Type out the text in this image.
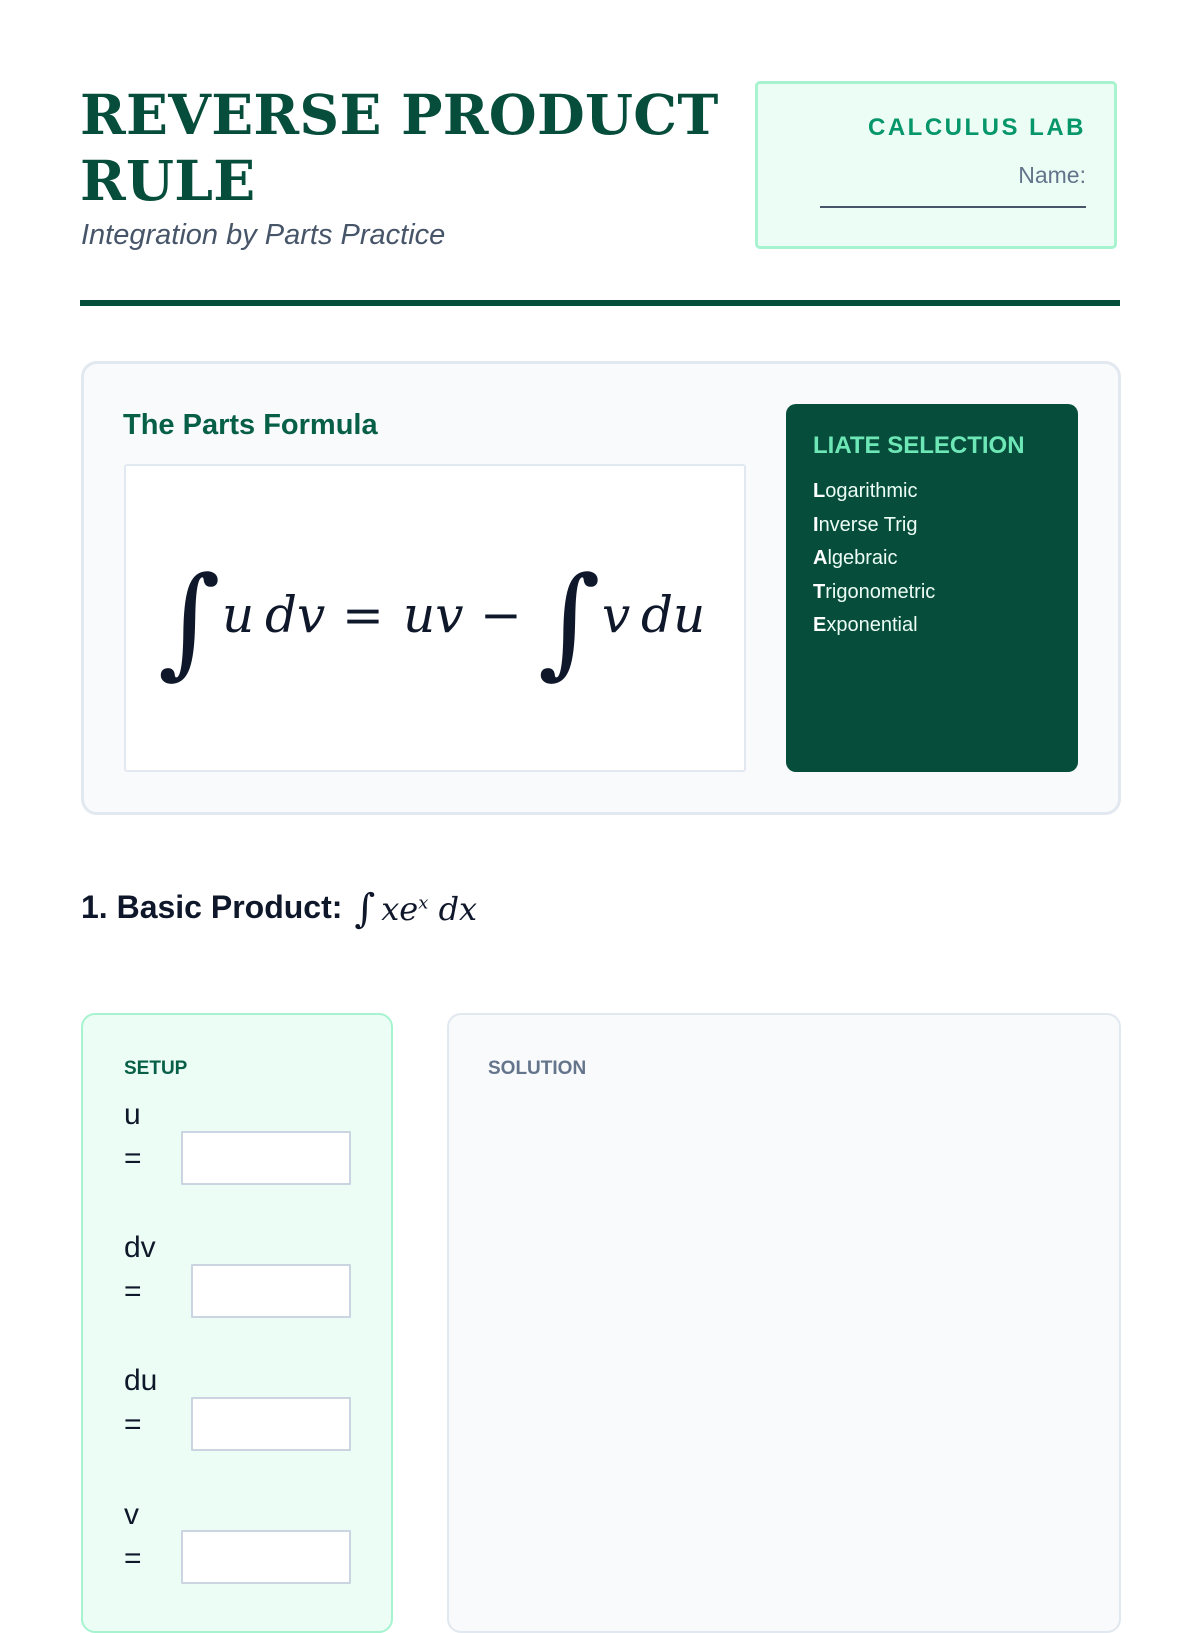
REVERSE PRODUCT RULE
Integration by Parts Practice
CALCULUS LAB
Name:
The Parts Formula
∫ u dv = uv − ∫ v du
LIATE SELECTION
Logarithmic
Inverse Trig
Algebraic
Trigonometric
Exponential
1. Basic Product: ∫ $xe^x$ dx
SETUP
u
=
dv
=
du
=
v
=
SOLUTION
